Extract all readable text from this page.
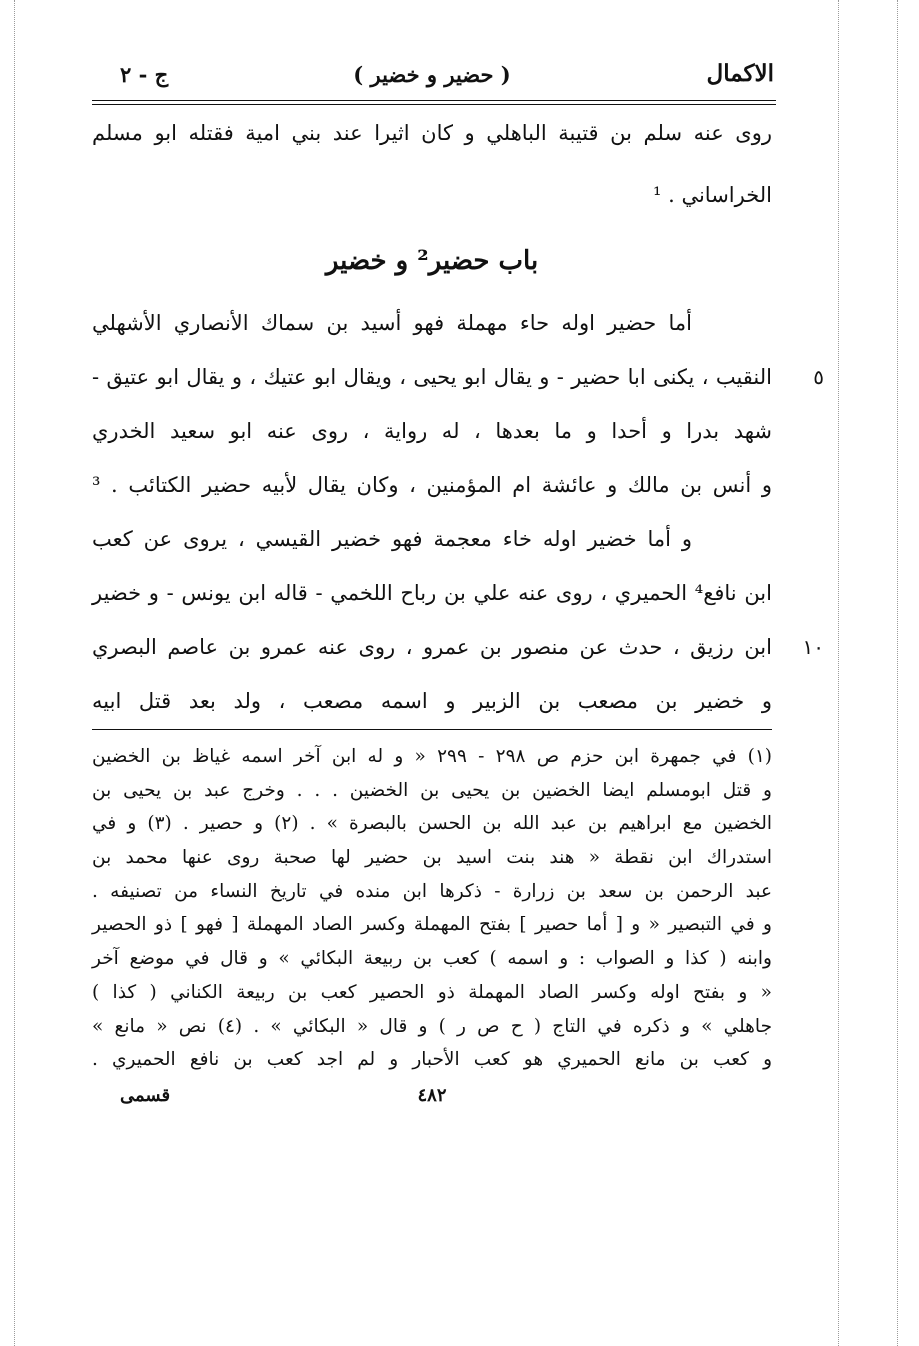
الاكمال
( حضير و خضير )
ج - ٢
روى عنه سلم بن قتيبة الباهلي و كان اثيرا عند بني امية فقتله ابو مسلم
الخراساني . ¹
باب حضير² و خضير
أما حضير اوله حاء مهملة فهو أسيد بن سماك الأنصاري الأشهلي
٥
النقيب ، يكنى ابا حضير - و يقال ابو يحيى ، ويقال ابو عتيك ، و يقال ابو عتيق -
شهد بدرا و أحدا و ما بعدها ، له رواية ، روى عنه ابو سعيد الخدري
و أنس بن مالك و عائشة ام المؤمنين ، وكان يقال لأبيه حضير الكتائب . ³
و أما خضير اوله خاء معجمة فهو خضير القيسي ، يروى عن كعب
ابن نافع⁴ الحميري ، روى عنه علي بن رباح اللخمي - قاله ابن يونس - و خضير
١٠
ابن رزيق ، حدث عن منصور بن عمرو ، روى عنه عمرو بن عاصم البصري
و خضير بن مصعب بن الزبير و اسمه مصعب ، ولد بعد قتل ابيه
(١) في جمهرة ابن حزم ص ٢٩٨ - ٢٩٩ « و له ابن آخر اسمه غياظ بن الخضين
و قتل ابومسلم ايضا الخضين بن يحيى بن الخضين . . . وخرج عبد بن يحيى بن
الخضين مع ابراهيم بن عبد الله بن الحسن بالبصرة » . (٢) و حصير . (٣) و في
استدراك ابن نقطة « هند بنت اسيد بن حضير لها صحبة روى عنها محمد بن
عبد الرحمن بن سعد بن زرارة - ذكرها ابن منده في تاريخ النساء من تصنيفه .
و في التبصير « و [ أما حصير ] بفتح المهملة وكسر الصاد المهملة [ فهو ] ذو الحصير
وابنه ( كذا و الصواب : و اسمه ) كعب بن ربيعة البكائي » و قال في موضع آخر
« و بفتح اوله وكسر الصاد المهملة ذو الحصير كعب بن ربيعة الكناني ( كذا )
جاهلي » و ذكره في التاج ( ح ص ر ) و قال « البكائي » . (٤) نص « مانع »
و كعب بن مانع الحميري هو كعب الأحبار و لم اجد كعب بن نافع الحميري .
٤٨٢
قسمى
